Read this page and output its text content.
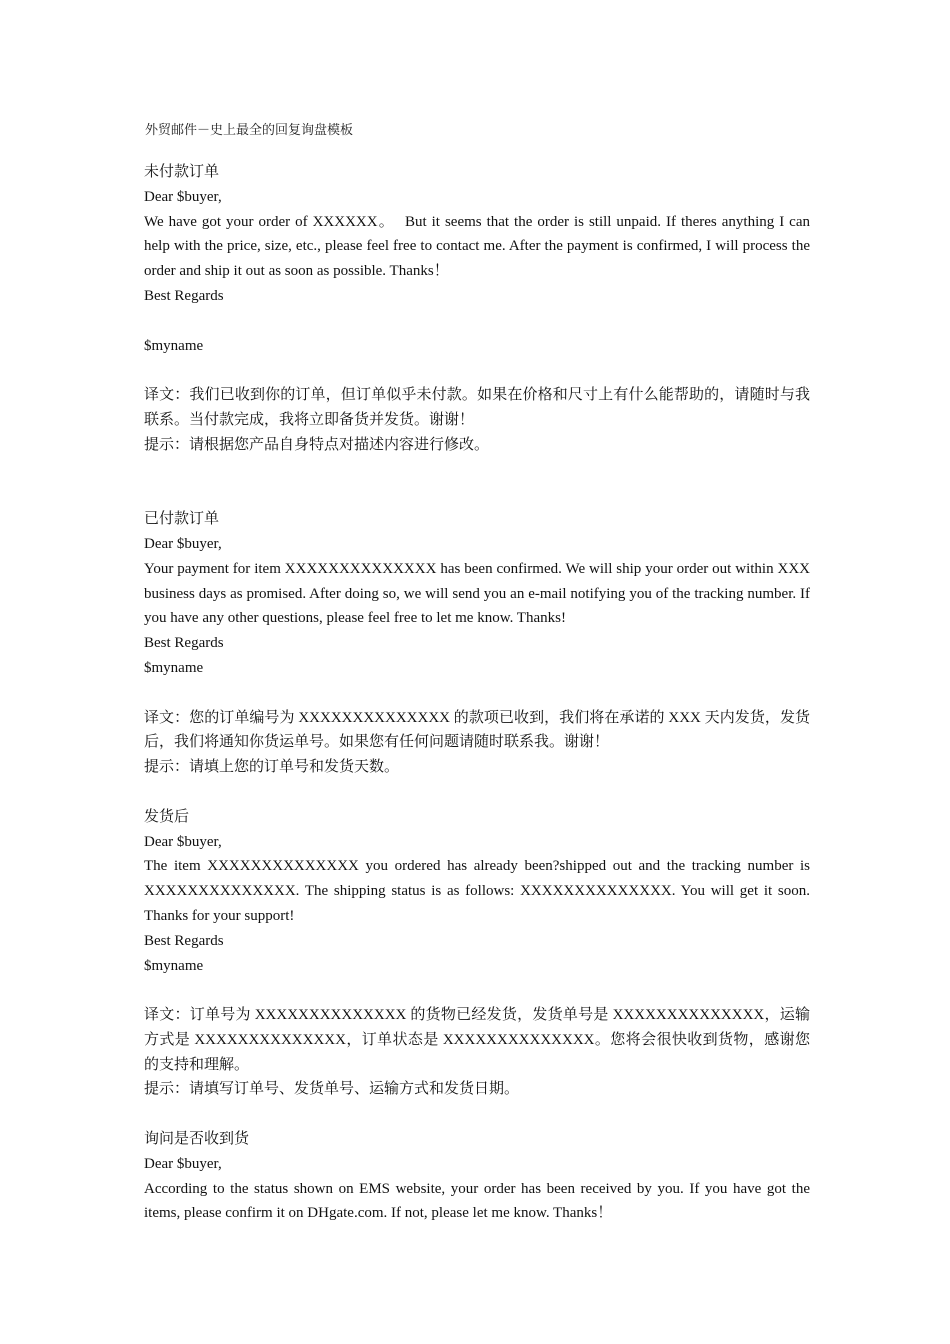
外贸邮件－史上最全的回复询盘模板
未付款订单
Dear $buyer,
We have got your order of XXXXXX。  But it seems that the order is still unpaid. If theres anything I can help with the price, size, etc., please feel free to contact me. After the payment is confirmed, I will process the order and ship it out as soon as possible. Thanks！
Best Regards
$myname
译文：我们已收到你的订单，但订单似乎未付款。如果在价格和尺寸上有什么能帮助的，请随时与我联系。当付款完成，我将立即备货并发货。谢谢！
提示：请根据您产品自身特点对描述内容进行修改。
已付款订单
Dear $buyer,
Your payment for item XXXXXXXXXXXXXX has been confirmed. We will ship your order out within XXX business days as promised. After doing so, we will send you an e-mail notifying you of the tracking number. If you have any other questions, please feel free to let me know. Thanks!
Best Regards
$myname
译文：您的订单编号为 XXXXXXXXXXXXXX 的款项已收到，我们将在承诺的 XXX 天内发货，发货后，我们将通知你货运单号。如果您有任何问题请随时联系我。谢谢！
提示：请填上您的订单号和发货天数。
发货后
Dear $buyer,
The item XXXXXXXXXXXXXX you ordered has already been?shipped out and the tracking number is XXXXXXXXXXXXXX. The shipping status is as follows: XXXXXXXXXXXXXX. You will get it soon. Thanks for your support!
Best Regards
$myname
译文：订单号为 XXXXXXXXXXXXXX 的货物已经发货，发货单号是 XXXXXXXXXXXXXX，运输方式是 XXXXXXXXXXXXXX，订单状态是 XXXXXXXXXXXXXX。您将会很快收到货物，感谢您的支持和理解。
提示：请填写订单号、发货单号、运输方式和发货日期。
询问是否收到货
Dear $buyer,
According to the status shown on EMS website, your order has been received by you. If you have got the items, please confirm it on DHgate.com. If not, please let me know. Thanks！
